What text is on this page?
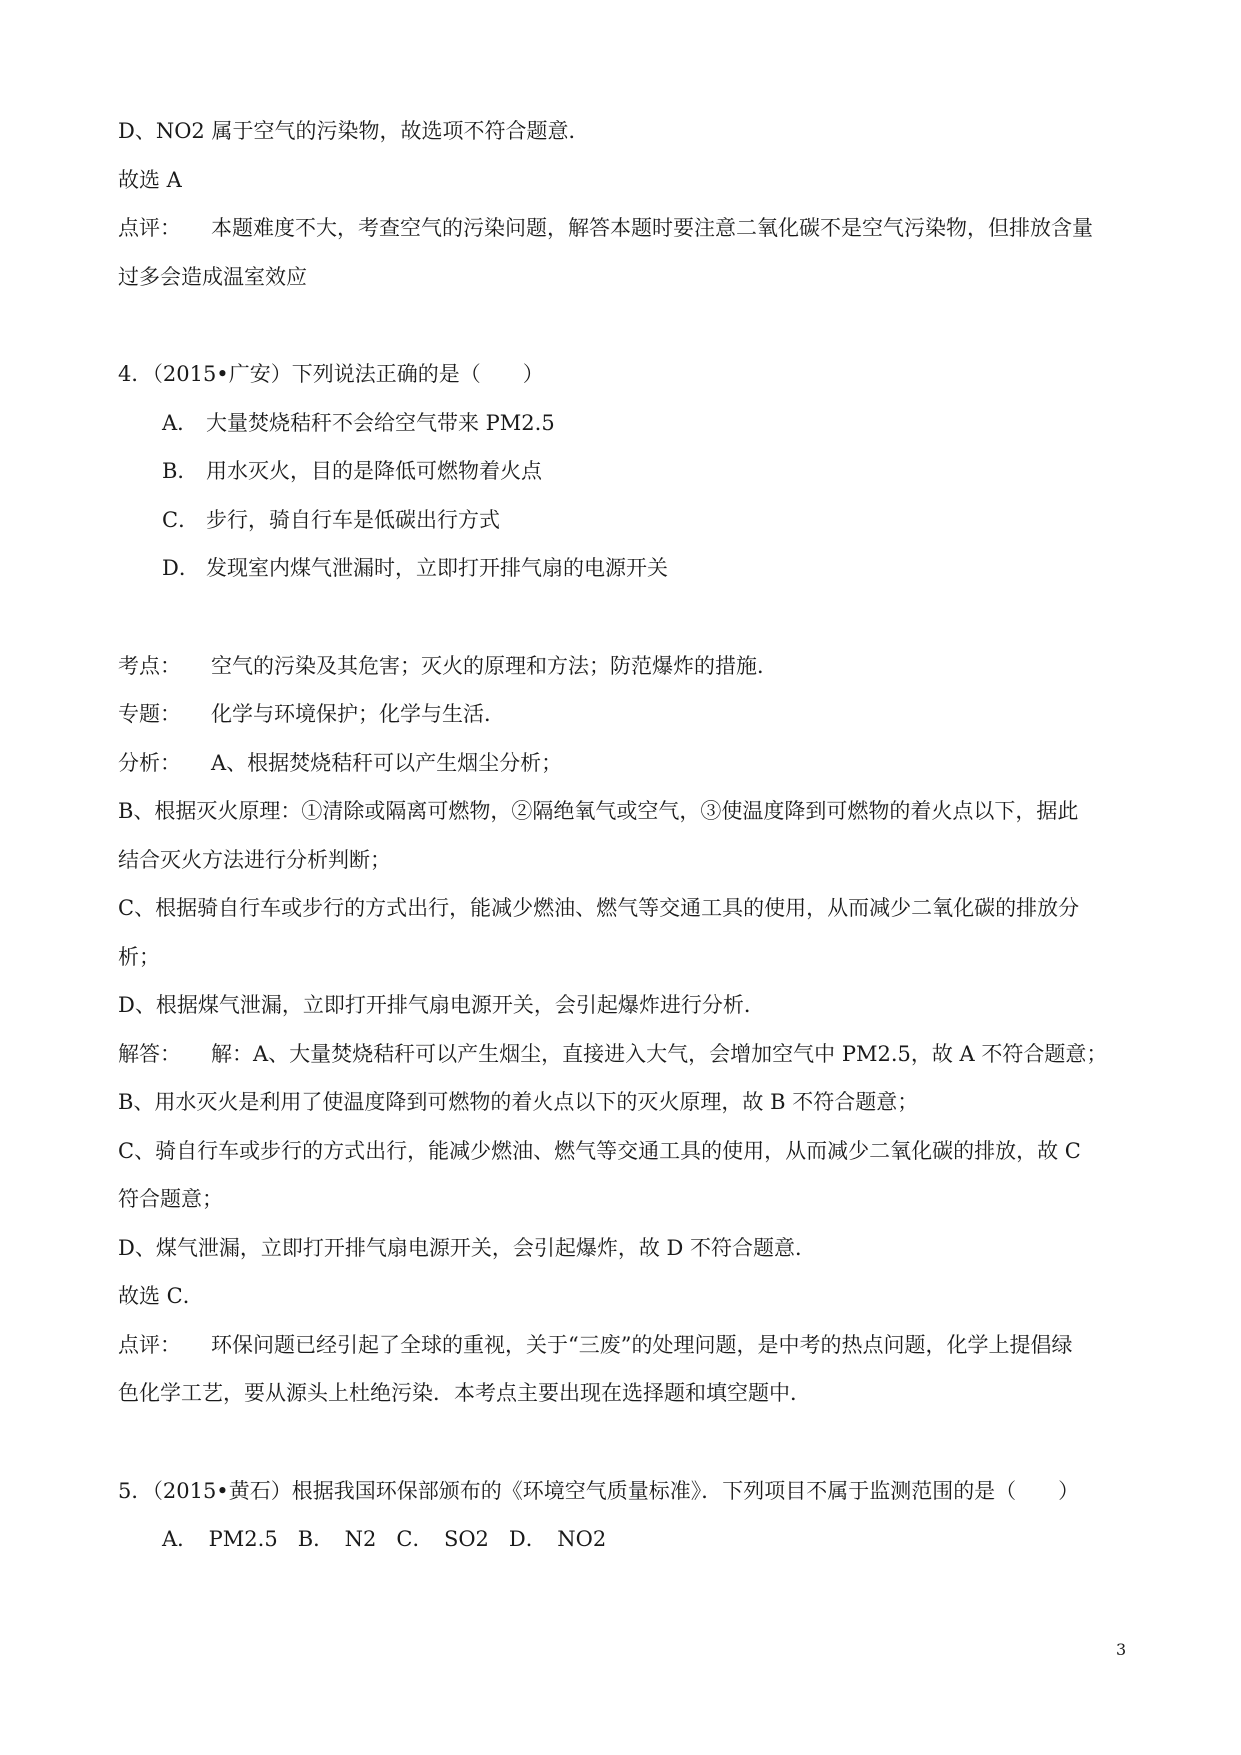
D、NO2 属于空气的污染物，故选项不符合题意．
故选 A
点评： 本题难度不大，考查空气的污染问题，解答本题时要注意二氧化碳不是空气污染物，但排放含量
过多会造成温室效应
4．（2015•广安）下列说法正确的是（　　）
A． 大量焚烧秸秆不会给空气带来 PM2.5
B． 用水灭火，目的是降低可燃物着火点
C． 步行，骑自行车是低碳出行方式
D． 发现室内煤气泄漏时，立即打开排气扇的电源开关
考点： 空气的污染及其危害；灭火的原理和方法；防范爆炸的措施．
专题： 化学与环境保护；化学与生活．
分析： A、根据焚烧秸秆可以产生烟尘分析；
B、根据灭火原理：①清除或隔离可燃物，②隔绝氧气或空气，③使温度降到可燃物的着火点以下，据此
结合灭火方法进行分析判断；
C、根据骑自行车或步行的方式出行，能减少燃油、燃气等交通工具的使用，从而减少二氧化碳的排放分
析；
D、根据煤气泄漏，立即打开排气扇电源开关，会引起爆炸进行分析．
解答： 解：A、大量焚烧秸秆可以产生烟尘，直接进入大气，会增加空气中 PM2.5，故 A 不符合题意；
B、用水灭火是利用了使温度降到可燃物的着火点以下的灭火原理，故 B 不符合题意；
C、骑自行车或步行的方式出行，能减少燃油、燃气等交通工具的使用，从而减少二氧化碳的排放，故 C
符合题意；
D、煤气泄漏，立即打开排气扇电源开关，会引起爆炸，故 D 不符合题意．
故选 C．
点评： 环保问题已经引起了全球的重视，关于“三废”的处理问题，是中考的热点问题，化学上提倡绿
色化学工艺，要从源头上杜绝污染．本考点主要出现在选择题和填空题中．
5．（2015•黄石）根据我国环保部颁布的《环境空气质量标准》．下列项目不属于监测范围的是（　　）
A．　PM2.5 B．　N2 C．　SO2 D．　NO2
3
